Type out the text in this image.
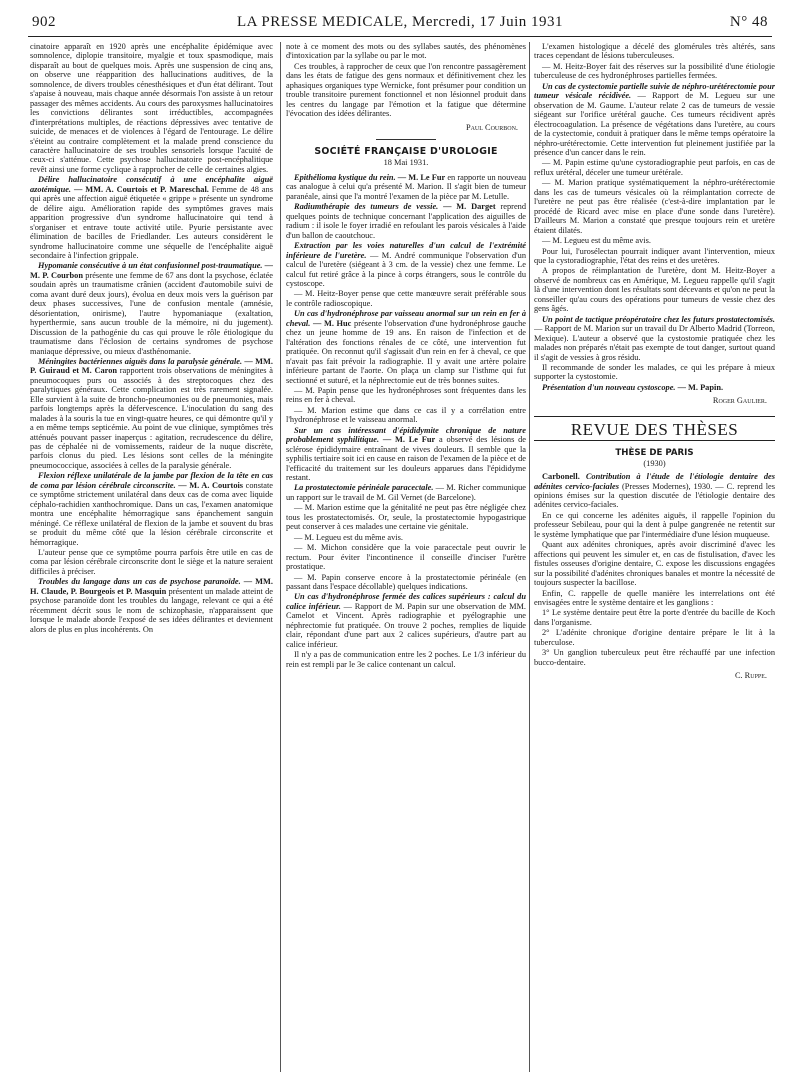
902	LA PRESSE MEDICALE, Mercredi, 17 Juin 1931	N° 48

cinatoire apparaît en 1920 après une encéphalite épidémique avec somnolence, diplopie transitoire, myalgie et toux spasmodique, mais disparaît au bout de quelques mois. Après une suspension de cinq ans, on observe une réapparition des hallucinations auditives, de la somnolence, de divers troubles cénesthésiques et d'un état délirant. Tout s'apaise à nouveau, mais chaque année désormais l'on assiste à un retour passager des mêmes accidents. Au cours des paroxysmes hallucinatoires les convictions délirantes sont irréductibles, accompagnées d'interprétations multiples, de réactions dépressives avec tentative de suicide, de menaces et de violences à l'égard de l'entourage. Le délire s'éteint au contraire complètement et la malade prend conscience du caractère hallucinatoire de ses troubles sensoriels lorsque l'acuité de ceux-ci s'atténue. Cette psychose hallucinatoire post-encéphalitique revêt ainsi une forme cyclique à rapprocher de celle de certaines algies.

Délire hallucinatoire consécutif à une encéphalite aiguë azotémique. — MM. A. Courtois et P. Mareschal. Femme de 48 ans qui après une affection aiguë étiquetée « grippe » présente un syndrome de délire aigu. Amélioration rapide des symptômes graves mais apparition progressive d'un syndrome hallucinatoire qui tend à s'organiser et entrave toute activité utile. Pyurie persistante avec élimination de bacilles de Friedlander. Les auteurs considèrent le syndrome hallucinatoire comme une séquelle de l'encéphalite aiguë secondaire à l'infection grippale.

Hypomanie consécutive à un état confusionnel post-traumatique. — M. P. Courbon présente une femme de 67 ans dont la psychose, éclatée soudain après un traumatisme crânien (accident d'automobile suivi de coma avant duré deux jours), évolua en deux mois vers la guérison par deux phases successives, l'une de confusion mentale (amnésie, désorientation, onirisme), l'autre hypomaniaque (exaltation, hyperthermie, sans aucun trouble de la mémoire, ni du jugement). Discussion de la pathogénie du cas qui prouve le rôle étiologique du traumatisme dans l'éclosion de certains syndromes de psychose maniaque dépressive, ou mieux d'asthénomanie.

Méningites bactériennes aiguës dans la paralysie générale. — MM. P. Guiraud et M. Caron rapportent trois observations de méningites à pneumocoques purs ou associés à des streptocoques chez des paralytiques généraux. Cette complication est très rarement signalée. Elle survient à la suite de broncho-pneumonies ou de pneumonies, mais parfois longtemps après la défervescence. L'inoculation du sang des malades à la souris la tue en vingt-quatre heures, ce qui démontre qu'il y a en même temps septicémie. Au point de vue clinique, symptômes très atténués pouvant passer inaperçus : agitation, recrudescence du délire, pas de céphalée ni de vomissements, raideur de la nuque discrète, parfois clonus du pied. Les lésions sont celles de la méningite pneumococcique, associées à celles de la paralysie générale.

Flexion réflexe unilatérale de la jambe par flexion de la tête en cas de coma par lésion cérébrale circonscrite. — M. A. Courtois constate ce symptôme strictement unilatéral dans deux cas de coma avec liquide céphalo-rachidien xanthochromique. Dans un cas, l'examen anatomique montra une encéphalite hémorragique sans épanchement sanguin méningé. Ce réflexe unilatéral de flexion de la jambe et souvent du bras se produit du même côté que la lésion cérébrale circonscrite et hémorragique.

L'auteur pense que ce symptôme pourra parfois être utile en cas de coma par lésion cérébrale circonscrite dont le siège et la nature seraient difficiles à préciser.

Troubles du langage dans un cas de psychose paranoïde. — MM. H. Claude, P. Bourgeois et P. Masquin présentent un malade atteint de psychose paranoïde dont les troubles du langage, relevant ce qui a été récemment décrit sous le nom de schizophasie, n'apparaissent que lorsque le malade aborde l'exposé de ses idées délirantes et deviennent alors de plus en plus incohérents. On

note à ce moment des mots ou des syllabes sautés, des phénomènes d'intoxication par la syllabe ou par le mot.

Ces troubles, à rapprocher de ceux que l'on rencontre passagèrement dans les états de fatigue des gens normaux et définitivement chez les aphasiques organiques type Wernicke, font présumer pour condition un trouble transitoire purement fonctionnel et non lésionnel produit dans les centres du langage par l'émotion et la fatigue que détermine l'évocation des idées délirantes.

Paul Courbon.

SOCIÉTÉ FRANÇAISE D'UROLOGIE

18 Mai 1931.

Epithélioma kystique du rein. — M. Le Fur en rapporte un nouveau cas analogue à celui qu'a présenté M. Marion. Il s'agit bien de tumeur paranéale, ainsi que l'a montré l'examen de la pièce par M. Letulle.

Radiumthérapie des tumeurs de vessie. — M. Darget reprend quelques points de technique concernant l'application des aiguilles de radium : il isole le foyer irradié en refoulant les parois vésicales à l'aide d'un ballon de caoutchouc.

Extraction par les voies naturelles d'un calcul de l'extrémité inférieure de l'uretère. — M. André communique l'observation d'un calcul de l'uretère (siégeant à 3 cm. de la vessie) chez une femme. Le calcul fut retiré grâce à la pince à corps étrangers, sous le contrôle du cystoscope.

— M. Heitz-Boyer pense que cette manœuvre serait préférable sous le contrôle radioscopique.

Un cas d'hydronéphrose par vaisseau anormal sur un rein en fer à cheval. — M. Huc présente l'observation d'une hydronéphrose gauche chez un jeune homme de 19 ans. En raison de l'infection et de l'altération des fonctions rénales de ce côté, une intervention fut pratiquée. On reconnut qu'il s'agissait d'un rein en fer à cheval, ce que n'avait pas fait prévoir la radiographie. Il y avait une artère polaire inférieure partant de l'aorte. On plaça un clamp sur l'isthme qui fut sectionné et suturé, et la néphrectomie eut de très bonnes suites.

— M. Papin pense que les hydronéphroses sont fréquentes dans les reins en fer à cheval.

— M. Marion estime que dans ce cas il y a corrélation entre l'hydronéphrose et le vaisseau anormal.

Sur un cas intéressant d'épididymite chronique de nature probablement syphilitique. — M. Le Fur a observé des lésions de sclérose épididymaire entraînant de vives douleurs. Il semble que la syphilis tertiaire soit ici en cause en raison de l'examen de la pièce et de l'efficacité du traitement sur les douleurs apparues dans l'épididyme restant.

La prostatectomie périnéale paracectale. — M. Richer communique un rapport sur le travail de M. Gil Vernet (de Barcelone).

— M. Marion estime que la génitalité ne peut pas être négligée chez tous les prostatectomisés. Or, seule, la prostatectomie hypogastrique peut conserver à ces malades une certaine vie génitale.

— M. Legueu est du même avis.

— M. Michon considère que la voie paracectale peut ouvrir le rectum. Pour éviter l'incontinence il conseille d'inciser l'urètre prostatique.

— M. Papin conserve encore à la prostatectomie périnéale (en passant dans l'espace décollable) quelques indications.

Un cas d'hydronéphrose fermée des calices supérieurs : calcul du calice inférieur. — Rapport de M. Papin sur une observation de MM. Camelot et Vincent. Après radiographie et pyélographie une néphrectomie fut pratiquée. On trouve 2 poches, remplies de liquide clair, répondant d'une part aux 2 calices supérieurs, d'autre part au calice inférieur.

Il n'y a pas de communication entre les 2 poches. Le 1/3 inférieur du rein est rempli par le 3e calice contenant un calcul.

L'examen histologique a décelé des glomérules très altérés, sans traces cependant de lésions tuberculeuses.

— M. Heitz-Boyer fait des réserves sur la possibilité d'une étiologie tuberculeuse de ces hydronéphroses partielles fermées.

Un cas de cystectomie partielle suivie de néphro-urétérectomie pour tumeur vésicale récidivée. — Rapport de M. Legueu sur une observation de M. Gaume. L'auteur relate 2 cas de tumeurs de vessie siégeant sur l'orifice urétéral gauche. Ces tumeurs récidivent après électrocoagulation. La présence de végétations dans l'uretère, au cours de la cystectomie, conduit à pratiquer dans le même temps opératoire la néphro-urétérectomie. Cette intervention fut pleinement justifiée par la présence d'un cancer dans le rein.

— M. Papin estime qu'une cystoradiographie peut parfois, en cas de reflux urétéral, déceler une tumeur urétérale.

— M. Marion pratique systématiquement la néphro-urétérectomie dans les cas de tumeurs vésicales où la réimplantation correcte de l'uretère ne peut pas être réalisée (c'est-à-dire implantation par le procédé de Ricard avec mise en place d'une sonde dans l'uretère). D'ailleurs M. Marion a constaté que presque toujours rein et uretère étaient dilatés.

— M. Legueu est du même avis.

Pour lui, l'urosélectan pourrait indiquer avant l'intervention, mieux que la cystoradiographie, l'état des reins et des uretères.

A propos de réimplantation de l'uretère, dont M. Heitz-Boyer a observé de nombreux cas en Amérique, M. Legueu rappelle qu'il s'agit là d'une intervention dont les résultats sont décevants et qu'on ne peut la conseiller qu'au cours des opérations pour tumeurs de vessie chez des gens âgés.

Un point de tactique préopératoire chez les futurs prostatectomisés. — Rapport de M. Marion sur un travail du Dr Alberto Madrid (Torreon, Mexique). L'auteur a observé que la cystostomie pratiquée chez les malades non préparés n'était pas exempte de tout danger, surtout quand il s'agit de vessies à gros résidu.

Il recommande de sonder les malades, ce qui les prépare à mieux supporter la cystostomie.

Présentation d'un nouveau cystoscope. — M. Papin.

Roger Gaulier.

REVUE DES THÈSES
THÈSE DE PARIS

(1930)

Carbonell. Contribution à l'étude de l'étiologie dentaire des adénites cervico-faciales (Presses Modernes), 1930. — C. reprend les opinions émises sur la question discutée de l'étiologie dentaire des adénites cervico-faciales.

En ce qui concerne les adénites aiguës, il rappelle l'opinion du professeur Sebileau, pour qui la dent à pulpe gangrenée ne retentit sur le système lymphatique que par l'intermédiaire d'une lésion muqueuse.

Quant aux adénites chroniques, après avoir discriminé d'avec les affections qui peuvent les simuler et, en cas de fistulisation, d'avec les fistules osseuses d'origine dentaire, C. expose les discussions engagées sur la possibilité d'adénites chroniques banales et montre la nécessité de toujours suspecter la bacillose.

Enfin, C. rappelle de quelle manière les interrelations ont été envisagées entre le système dentaire et les ganglions :

1° Le système dentaire peut être la porte d'entrée du bacille de Koch dans l'organisme.

2° L'adénite chronique d'origine dentaire prépare le lit à la tuberculose.

3° Un ganglion tuberculeux peut être réchauffé par une infection bucco-dentaire.

C. Ruppe.
